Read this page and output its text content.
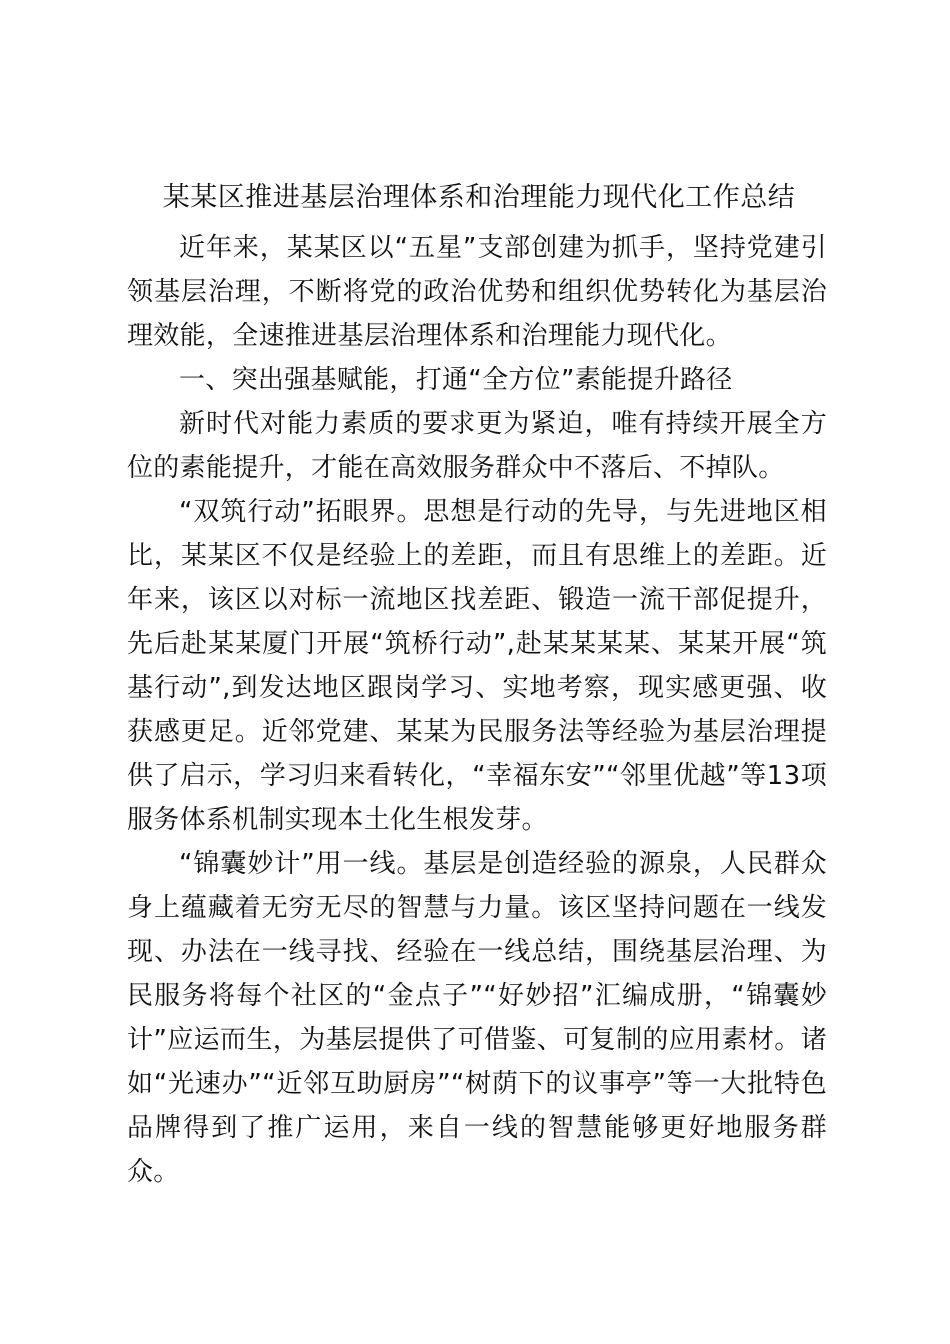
某某区推进基层治理体系和治理能力现代化工作总结

近年来，某某区以“五星”支部创建为抓手，坚持党建引领基层治理，不断将党的政治优势和组织优势转化为基层治理效能，全速推进基层治理体系和治理能力现代化。

一、突出强基赋能，打通“全方位”素能提升路径

新时代对能力素质的要求更为紧迫，唯有持续开展全方位的素能提升，才能在高效服务群众中不落后、不掉队。

“双筑行动”拓眼界。思想是行动的先导，与先进地区相比，某某区不仅是经验上的差距，而且有思维上的差距。近年来，该区以对标一流地区找差距、锻造一流干部促提升，先后赴某某厦门开展“筑桥行动”,赴某某某某、某某开展“筑基行动”,到发达地区跟岗学习、实地考察，现实感更强、收获感更足。近邻党建、某某为民服务法等经验为基层治理提供了启示，学习归来看转化，“幸福东安”“邻里优越”等13项服务体系机制实现本土化生根发芽。

“锦囊妙计”用一线。基层是创造经验的源泉，人民群众身上蕴藏着无穷无尽的智慧与力量。该区坚持问题在一线发现、办法在一线寻找、经验在一线总结，围绕基层治理、为民服务将每个社区的“金点子”“好妙招”汇编成册，“锦囊妙计”应运而生，为基层提供了可借鉴、可复制的应用素材。诸如“光速办”“近邻互助厨房”“树荫下的议事亭”等一大批特色品牌得到了推广运用，来自一线的智慧能够更好地服务群众。
